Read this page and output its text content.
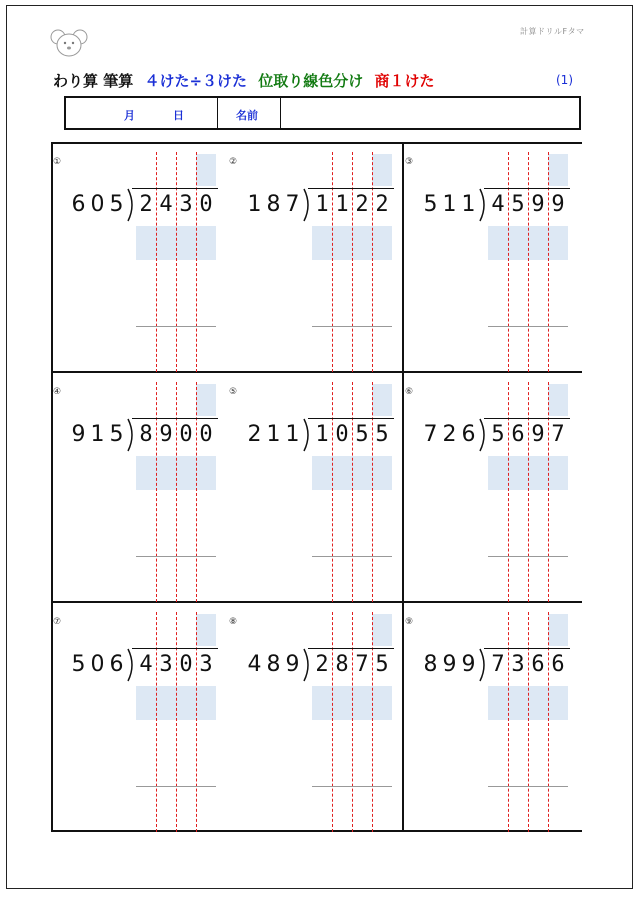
計算ドリルFタマ
わり算 筆算 ４けた÷３けた 位取り線色分け 商１けた	(1)
月	日	名前
①
6 0 5 2 4 3 0
②
1 8 7 1 1 2 2
③
5 1 1 4 5 9 9
④
9 1 5 8 9 0 0
⑤
2 1 1 1 0 5 5
⑥
7 2 6 5 6 9 7
⑦
5 0 6 4 3 0 3
⑧
4 8 9 2 8 7 5
⑨
8 9 9 7 3 6 6
